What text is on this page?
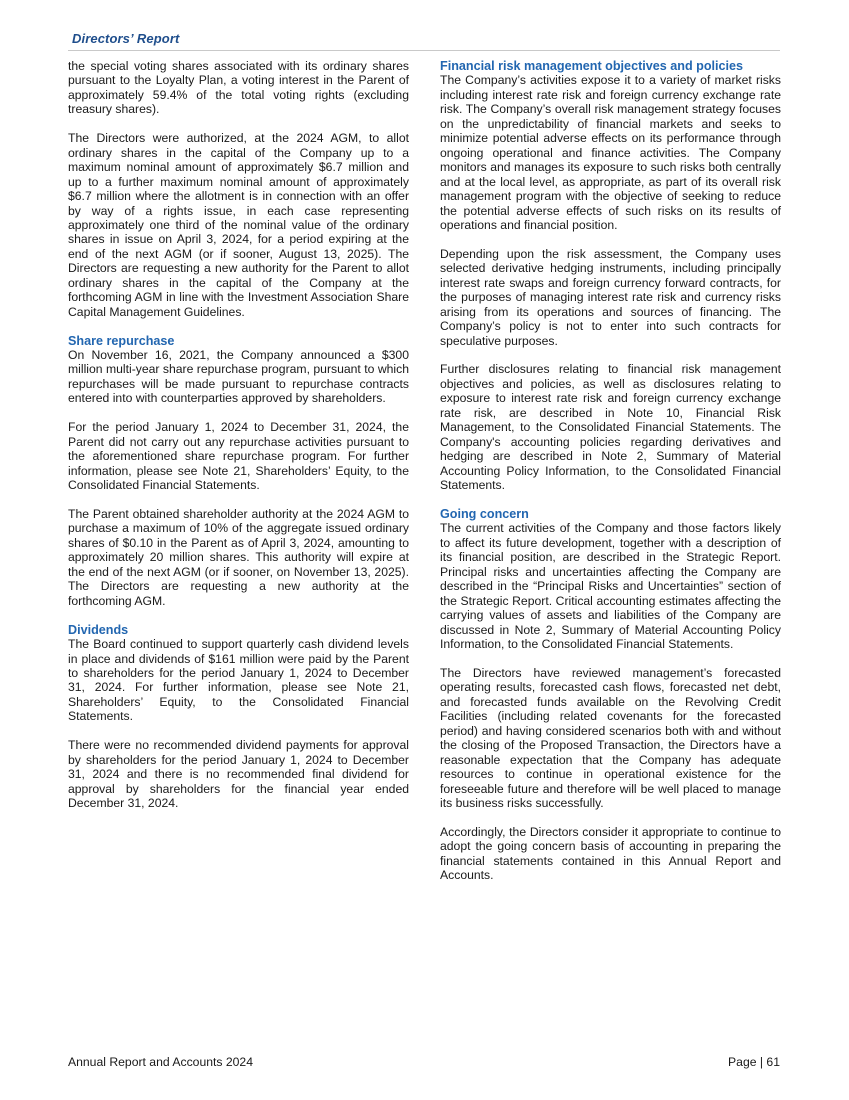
Directors’ Report

the special voting shares associated with its ordinary shares pursuant to the Loyalty Plan, a voting interest in the Parent of approximately 59.4% of the total voting rights (excluding treasury shares).

The Directors were authorized, at the 2024 AGM, to allot ordinary shares in the capital of the Company up to a maximum nominal amount of approximately $6.7 million and up to a further maximum nominal amount of approximately $6.7 million where the allotment is in connection with an offer by way of a rights issue, in each case representing approximately one third of the nominal value of the ordinary shares in issue on April 3, 2024, for a period expiring at the end of the next AGM (or if sooner, August 13, 2025). The Directors are requesting a new authority for the Parent to allot ordinary shares in the capital of the Company at the forthcoming AGM in line with the Investment Association Share Capital Management Guidelines.

Share repurchase

On November 16, 2021, the Company announced a $300 million multi-year share repurchase program, pursuant to which repurchases will be made pursuant to repurchase contracts entered into with counterparties approved by shareholders.

For the period January 1, 2024 to December 31, 2024, the Parent did not carry out any repurchase activities pursuant to the aforementioned share repurchase program. For further information, please see Note 21, Shareholders’ Equity, to the Consolidated Financial Statements.

The Parent obtained shareholder authority at the 2024 AGM to purchase a maximum of 10% of the aggregate issued ordinary shares of $0.10 in the Parent as of April 3, 2024, amounting to approximately 20 million shares. This authority will expire at the end of the next AGM (or if sooner, on November 13, 2025). The Directors are requesting a new authority at the forthcoming AGM.

Dividends

The Board continued to support quarterly cash dividend levels in place and dividends of $161 million were paid by the Parent to shareholders for the period January 1, 2024 to December 31, 2024. For further information, please see Note 21, Shareholders’ Equity, to the Consolidated Financial Statements.

There were no recommended dividend payments for approval by shareholders for the period January 1, 2024 to December 31, 2024 and there is no recommended final dividend for approval by shareholders for the financial year ended December 31, 2024.

Financial risk management objectives and policies

The Company’s activities expose it to a variety of market risks including interest rate risk and foreign currency exchange rate risk. The Company’s overall risk management strategy focuses on the unpredictability of financial markets and seeks to minimize potential adverse effects on its performance through ongoing operational and finance activities. The Company monitors and manages its exposure to such risks both centrally and at the local level, as appropriate, as part of its overall risk management program with the objective of seeking to reduce the potential adverse effects of such risks on its results of operations and financial position.

Depending upon the risk assessment, the Company uses selected derivative hedging instruments, including principally interest rate swaps and foreign currency forward contracts, for the purposes of managing interest rate risk and currency risks arising from its operations and sources of financing. The Company’s policy is not to enter into such contracts for speculative purposes.

Further disclosures relating to financial risk management objectives and policies, as well as disclosures relating to exposure to interest rate risk and foreign currency exchange rate risk, are described in Note 10, Financial Risk Management, to the Consolidated Financial Statements. The Company's accounting policies regarding derivatives and hedging are described in Note 2, Summary of Material Accounting Policy Information, to the Consolidated Financial Statements.

Going concern

The current activities of the Company and those factors likely to affect its future development, together with a description of its financial position, are described in the Strategic Report. Principal risks and uncertainties affecting the Company are described in the “Principal Risks and Uncertainties” section of the Strategic Report. Critical accounting estimates affecting the carrying values of assets and liabilities of the Company are discussed in Note 2, Summary of Material Accounting Policy Information, to the Consolidated Financial Statements.

The Directors have reviewed management’s forecasted operating results, forecasted cash flows, forecasted net debt, and forecasted funds available on the Revolving Credit Facilities (including related covenants for the forecasted period) and having considered scenarios both with and without the closing of the Proposed Transaction, the Directors have a reasonable expectation that the Company has adequate resources to continue in operational existence for the foreseeable future and therefore will be well placed to manage its business risks successfully.

Accordingly, the Directors consider it appropriate to continue to adopt the going concern basis of accounting in preparing the financial statements contained in this Annual Report and Accounts.

Annual Report and Accounts 2024	Page | 61
